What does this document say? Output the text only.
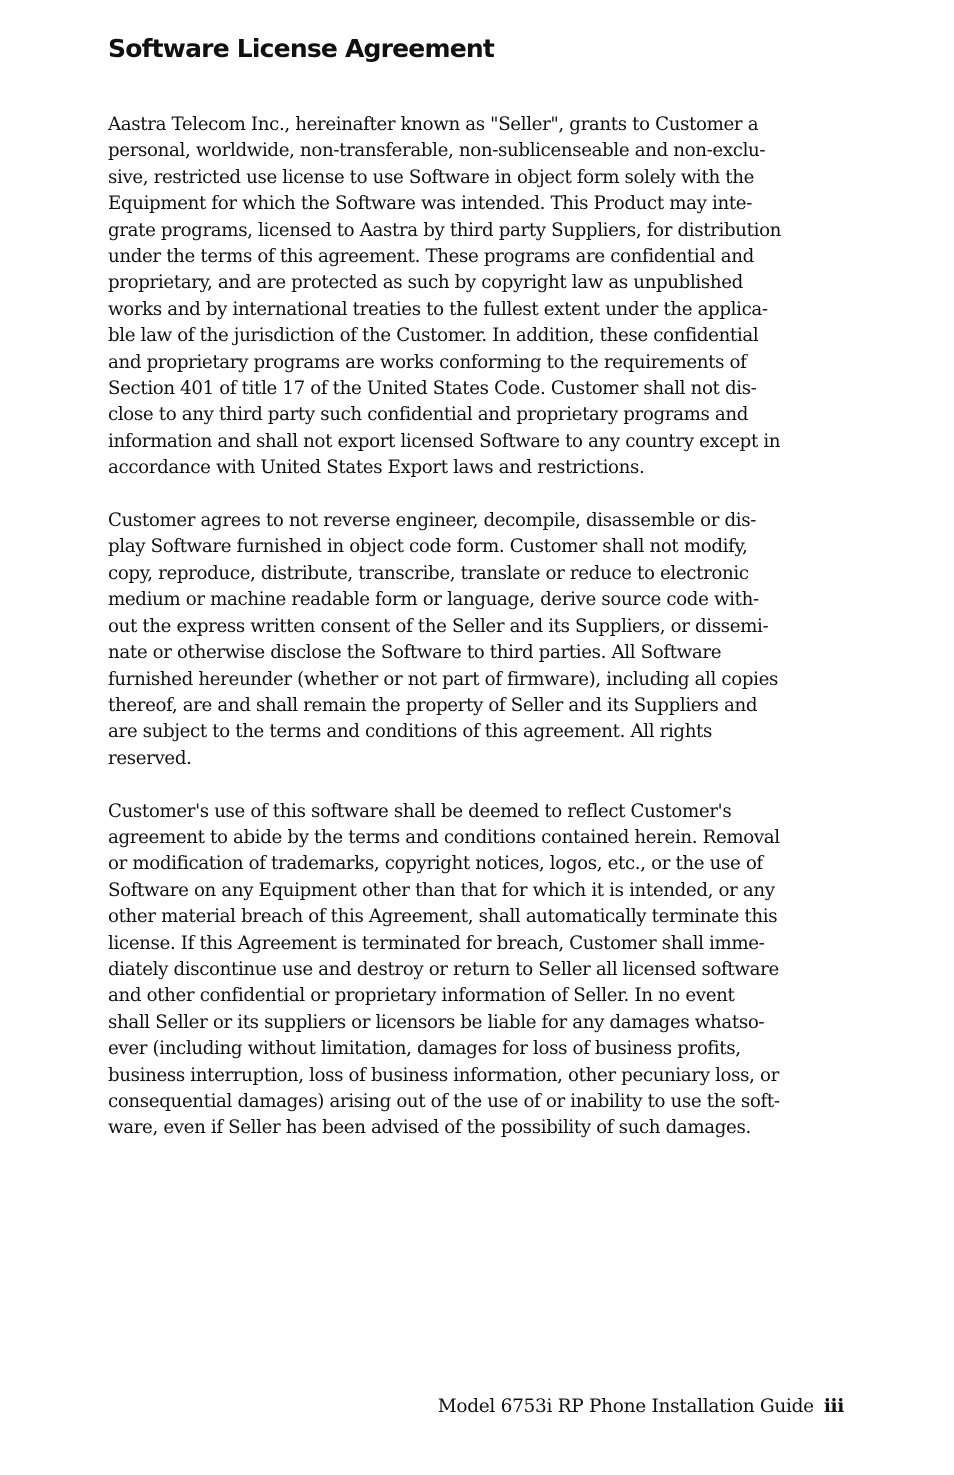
Software License Agreement

Aastra Telecom Inc., hereinafter known as "Seller", grants to Customer a
personal, worldwide, non-transferable, non-sublicenseable and non-exclu-
sive, restricted use license to use Software in object form solely with the
Equipment for which the Software was intended. This Product may inte-
grate programs, licensed to Aastra by third party Suppliers, for distribution
under the terms of this agreement. These programs are confidential and
proprietary, and are protected as such by copyright law as unpublished
works and by international treaties to the fullest extent under the applica-
ble law of the jurisdiction of the Customer. In addition, these confidential
and proprietary programs are works conforming to the requirements of
Section 401 of title 17 of the United States Code. Customer shall not dis-
close to any third party such confidential and proprietary programs and
information and shall not export licensed Software to any country except in
accordance with United States Export laws and restrictions.

Customer agrees to not reverse engineer, decompile, disassemble or dis-
play Software furnished in object code form. Customer shall not modify,
copy, reproduce, distribute, transcribe, translate or reduce to electronic
medium or machine readable form or language, derive source code with-
out the express written consent of the Seller and its Suppliers, or dissemi-
nate or otherwise disclose the Software to third parties. All Software
furnished hereunder (whether or not part of firmware), including all copies
thereof, are and shall remain the property of Seller and its Suppliers and
are subject to the terms and conditions of this agreement. All rights
reserved.

Customer's use of this software shall be deemed to reflect Customer's
agreement to abide by the terms and conditions contained herein. Removal
or modification of trademarks, copyright notices, logos, etc., or the use of
Software on any Equipment other than that for which it is intended, or any
other material breach of this Agreement, shall automatically terminate this
license. If this Agreement is terminated for breach, Customer shall imme-
diately discontinue use and destroy or return to Seller all licensed software
and other confidential or proprietary information of Seller. In no event
shall Seller or its suppliers or licensors be liable for any damages whatso-
ever (including without limitation, damages for loss of business profits,
business interruption, loss of business information, other pecuniary loss, or
consequential damages) arising out of the use of or inability to use the soft-
ware, even if Seller has been advised of the possibility of such damages.

Model 6753i RP Phone Installation Guide iii
